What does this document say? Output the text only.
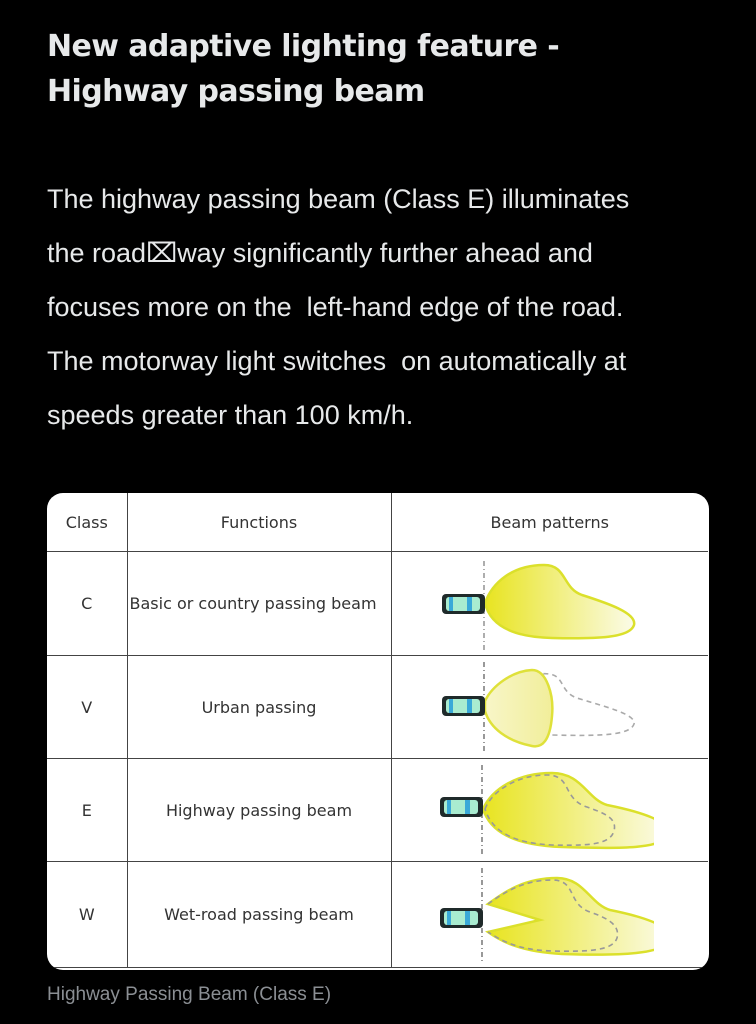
New adaptive lighting feature -
Highway passing beam
The highway passing beam (Class E) illuminates
the road⌧way significantly further ahead and
focuses more on the  left-hand edge of the road.
The motorway light switches  on automatically at
speeds greater than 100 km/h.
Class	Functions	Beam patterns
C	Basic or country passing beam	

V	Urban passing	

E	Highway passing beam	

W	Wet-road passing beam	
Highway Passing Beam (Class E)
